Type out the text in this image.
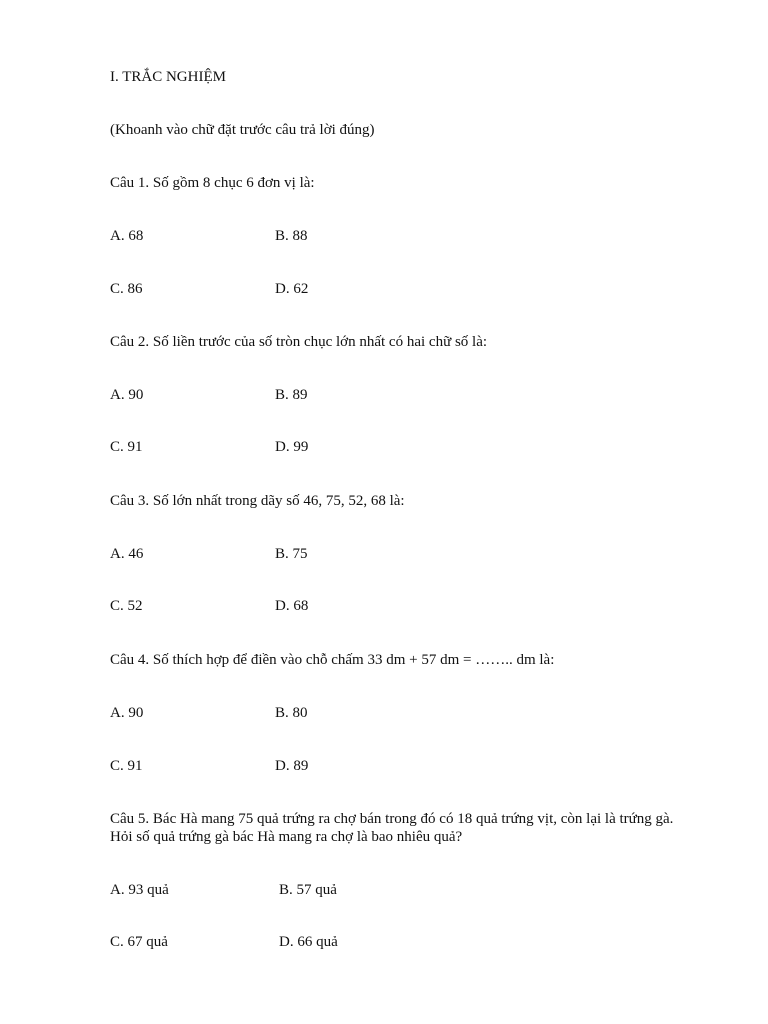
I. TRẮC NGHIỆM
(Khoanh vào chữ đặt trước câu trả lời đúng)
Câu 1. Số gồm 8 chục 6 đơn vị là:
A. 68	B. 88
C. 86	D. 62
Câu 2. Số liền trước của số tròn chục lớn nhất có hai chữ số là:
A. 90	B. 89
C. 91	D. 99
Câu 3. Số lớn nhất trong dãy số 46, 75, 52, 68 là:
A. 46	B. 75
C. 52	D. 68
Câu 4. Số thích hợp để điền vào chỗ chấm 33 dm + 57 dm = …….. dm là:
A. 90	B. 80
C. 91	D. 89
Câu 5. Bác Hà mang 75 quả trứng ra chợ bán trong đó có 18 quả trứng vịt, còn lại là trứng gà.
Hỏi số quả trứng gà bác Hà mang ra chợ là bao nhiêu quả?
A. 93 quả	B. 57 quả
C. 67 quả	D. 66 quả
